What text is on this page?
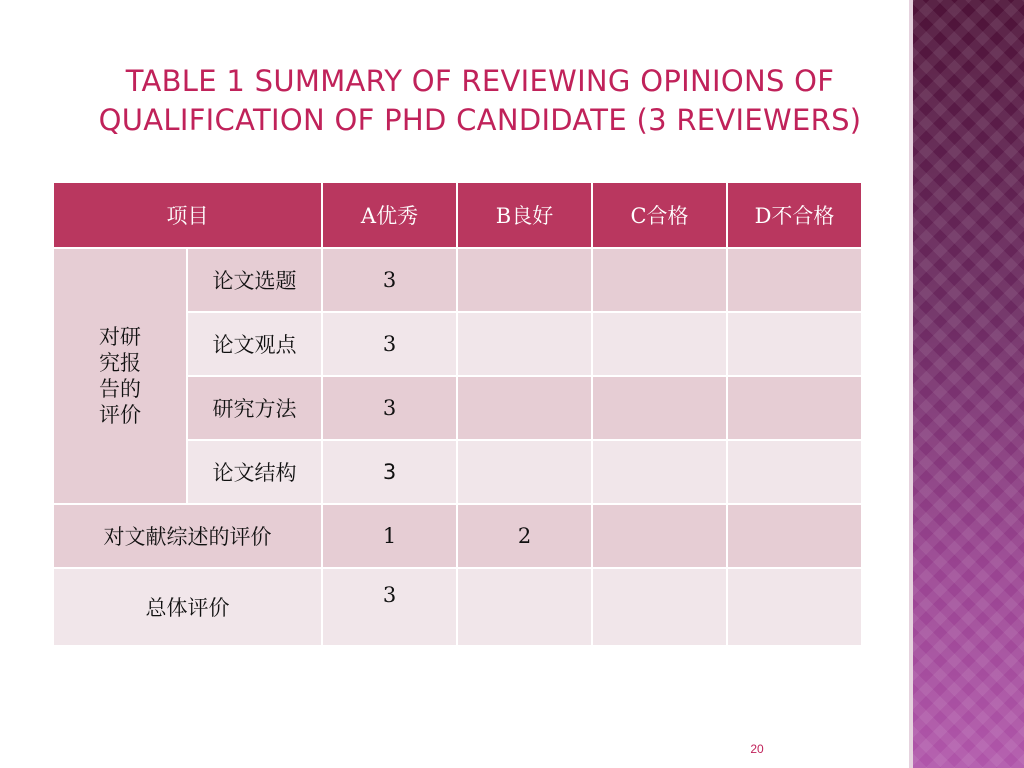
TABLE 1 SUMMARY OF REVIEWING OPINIONS OF
QUALIFICATION OF PHD CANDIDATE (3 REVIEWERS)
项目		A优秀	B良好	C合格	D不合格

对研
究报
告的
评价	论文选题	3			
	论文观点	3			
	研究方法	3			
	论文结构	3			
对文献综述的评价		1	2		
总体评价		3			
20
